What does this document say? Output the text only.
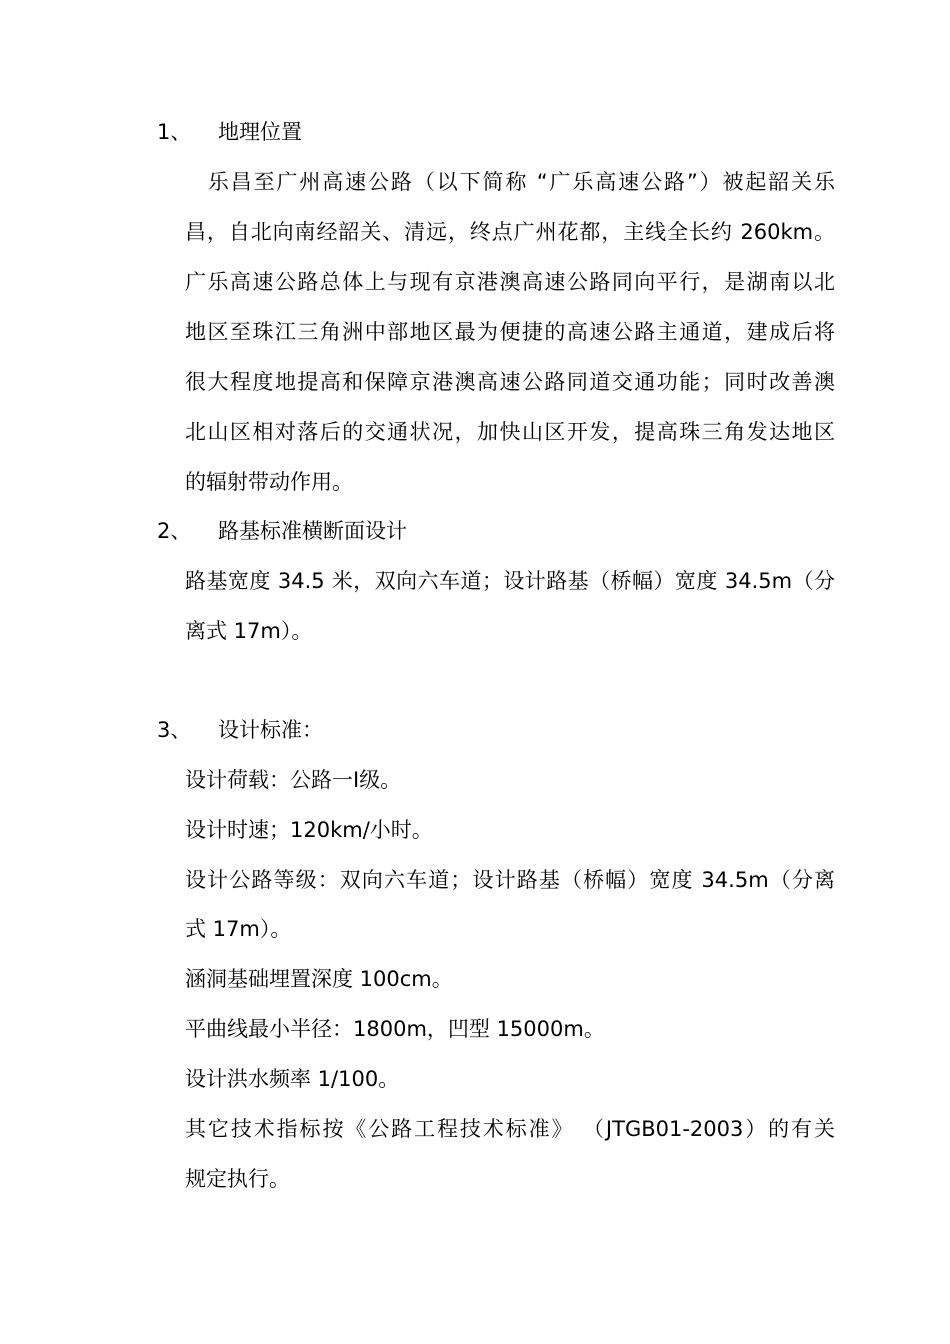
1、 地理位置
　乐昌至广州高速公路（以下简称 “广乐高速公路”）被起韶关乐
昌，自北向南经韶关、清远，终点广州花都，主线全长约 260km。
广乐高速公路总体上与现有京港澳高速公路同向平行，是湖南以北
地区至珠江三角洲中部地区最为便捷的高速公路主通道，建成后将
很大程度地提高和保障京港澳高速公路同道交通功能；同时改善澳
北山区相对落后的交通状况，加快山区开发，提高珠三角发达地区
的辐射带动作用。
2、 路基标准横断面设计
路基宽度 34.5 米，双向六车道；设计路基（桥幅）宽度 34.5m（分
离式 17m）。
3、 设计标准：
设计荷载：公路一Ⅰ级。
设计时速；120km/小时。
设计公路等级：双向六车道；设计路基（桥幅）宽度 34.5m（分离
式 17m）。
涵洞基础埋置深度 100cm。
平曲线最小半径：1800m，凹型 15000m。
设计洪水频率 1/100。
其它技术指标按《公路工程技术标准》 （JTGB01-2003）的有关
规定执行。
